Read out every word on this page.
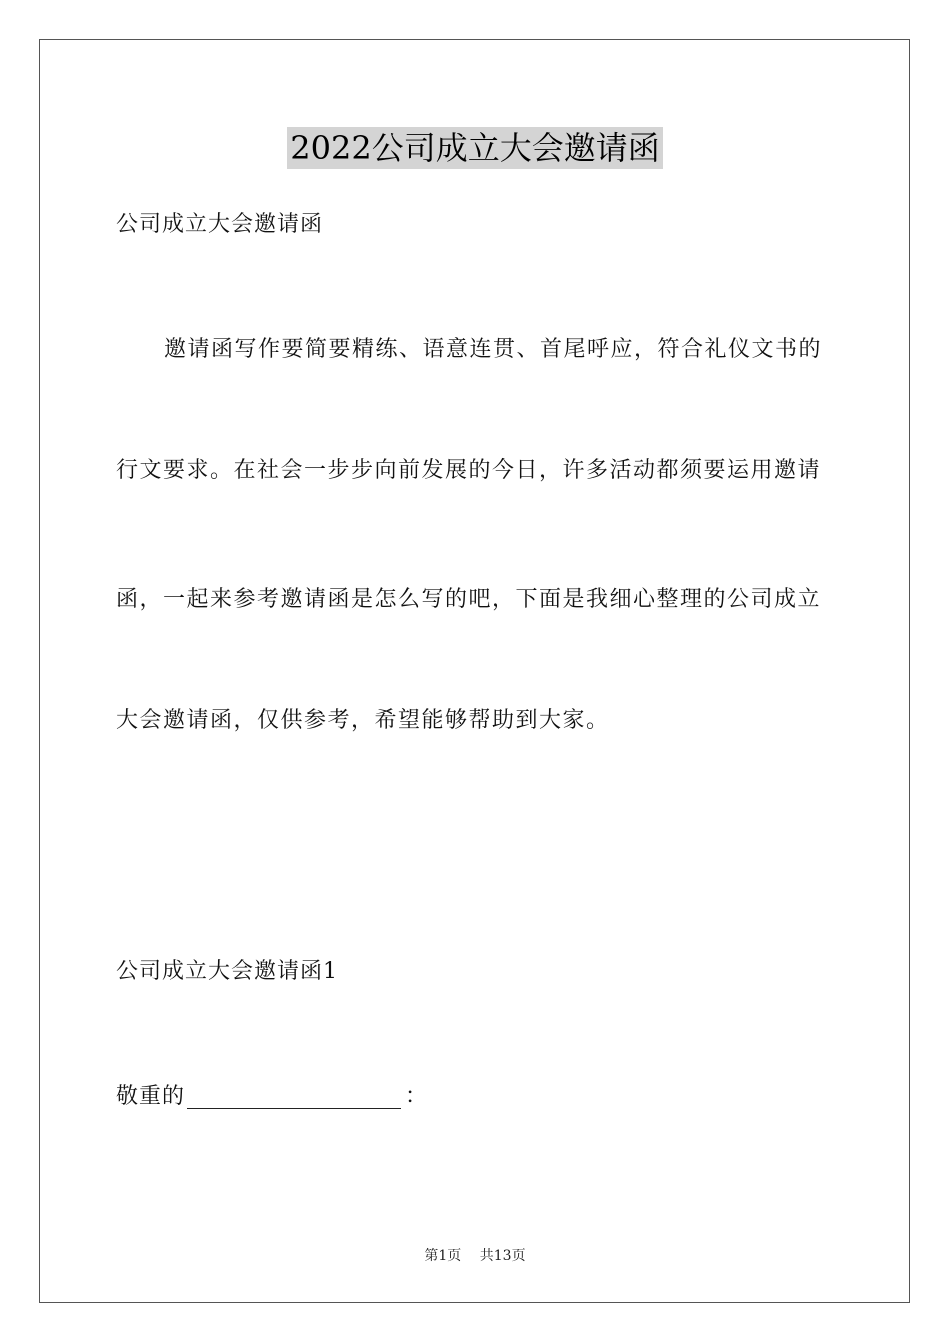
2022公司成立大会邀请函
公司成立大会邀请函
邀请函写作要简要精练、语意连贯、首尾呼应，符合礼仪文书的
行文要求。在社会一步步向前发展的今日，许多活动都须要运用邀请
函，一起来参考邀请函是怎么写的吧，下面是我细心整理的公司成立
大会邀请函，仅供参考，希望能够帮助到大家。
公司成立大会邀请函1
敬重的	：
第1页 共13页
